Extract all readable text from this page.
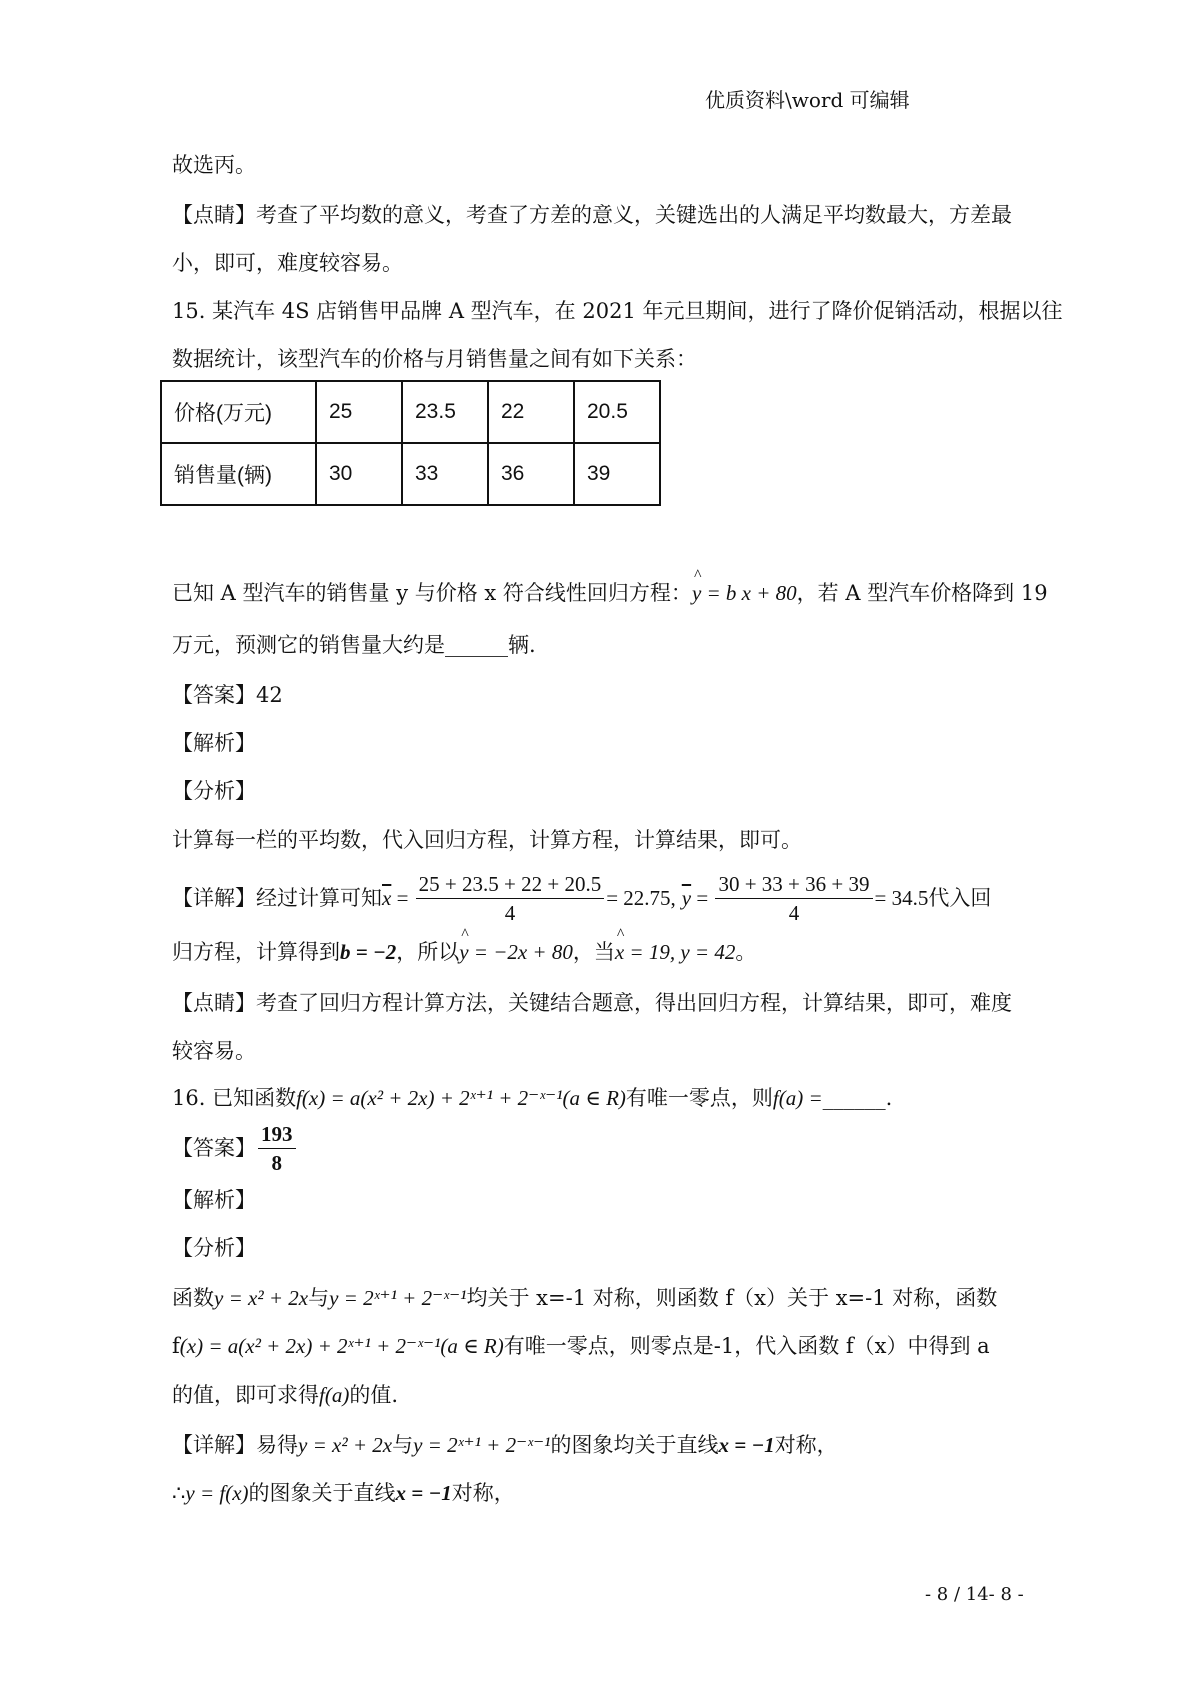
优质资料\word 可编辑
故选丙。
【点睛】考查了平均数的意义，考查了方差的意义，关键选出的人满足平均数最大，方差最
小，即可，难度较容易。
15. 某汽车 4S 店销售甲品牌 A 型汽车，在 2021 年元旦期间，进行了降价促销活动，根据以往
数据统计，该型汽车的价格与月销售量之间有如下关系：
价格(万元)	25	23.5	22	20.5
销售量(辆)	30	33	36	39
已知 A 型汽车的销售量 y 与价格 x 符合线性回归方程：^ y = b x + 80，若 A 型汽车价格降到 19
万元，预测它的销售量大约是______辆.
【答案】42
【解析】
【分析】
计算每一栏的平均数，代入回归方程，计算方程，计算结果，即可。
【详解】经过计算可知 $\overline{x} = \frac{25 + 23.5 + 22 + 20.5}{4} = 22.75$, $\overline{y} = \frac{30 + 33 + 36 + 39}{4} = 34.5$ 代入回
归方程，计算得到b = −2，所以^ y = −2x + 80，当^ x = 19, y = 42。
【点睛】考查了回归方程计算方法，关键结合题意，得出回归方程，计算结果，即可，难度
较容易。
16. 已知函数f(x) = a(x² + 2x) + 2ˣ⁺¹ + 2⁻ˣ⁻¹(a ∈ R)有唯一零点，则f(a) =______.
【答案】 $\frac{193}{8}$
【解析】
【分析】
函数y = x² + 2x与y = 2ˣ⁺¹ + 2⁻ˣ⁻¹均关于 x=-1 对称，则函数 f（x）关于 x=-1 对称，函数
f(x) = a(x² + 2x) + 2ˣ⁺¹ + 2⁻ˣ⁻¹(a ∈ R)有唯一零点，则零点是-1，代入函数 f（x）中得到 a
的值，即可求得f(a)的值.
【详解】易得y = x² + 2x与y = 2ˣ⁺¹ + 2⁻ˣ⁻¹的图象均关于直线x = −1对称，
∴y = f(x)的图象关于直线x = −1对称，
- 8 ∕ 14- 8 -
